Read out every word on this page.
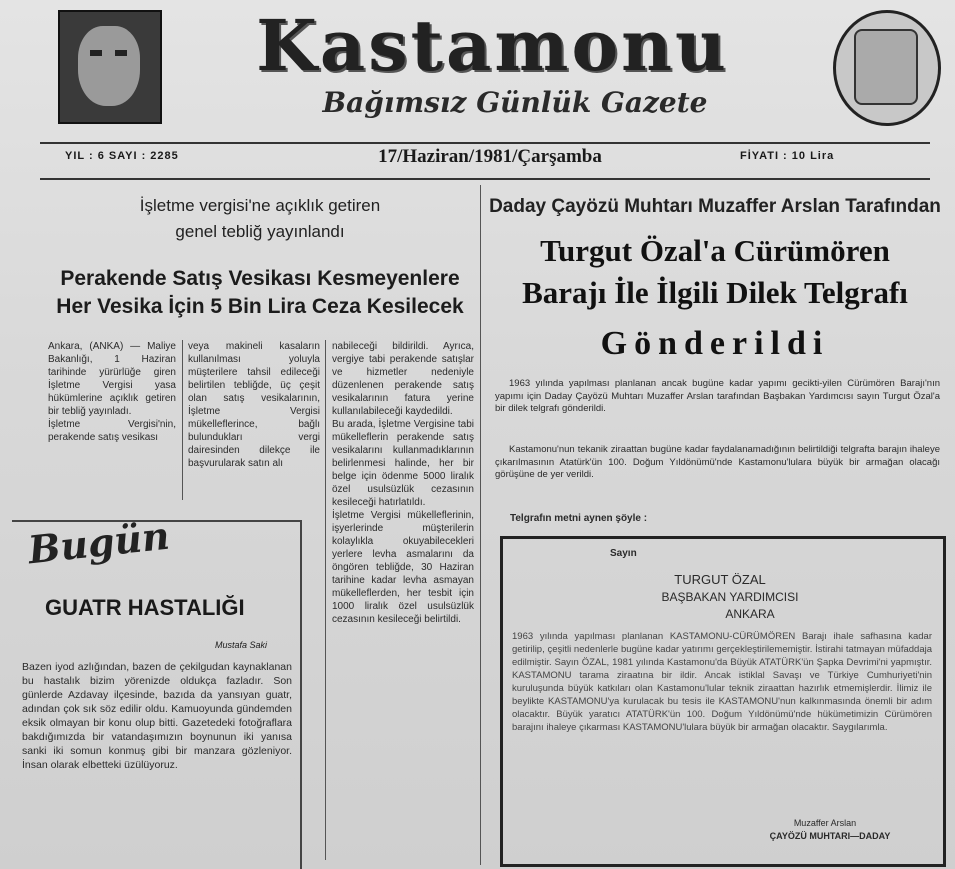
Kastamonu
Bağımsız Günlük Gazete
YIL : 6 SAYI : 2285	17/Haziran/1981/Çarşamba	FİYATI : 10 Lira
İşletme vergisi'ne açıklık getiren
genel tebliğ yayınlandı
Perakende Satış Vesikası Kesmeyenlere
Her Vesika İçin 5 Bin Lira Ceza Kesilecek
Ankara, (ANKA) — Maliye Bakanlığı, 1 Haziran tarihinde yürürlüğe giren İşletme Vergisi yasa hükümlerine açıklık getiren bir tebliğ yayınladı.
İşletme Vergisi'nin, perakende satış vesikası
veya makineli kasaların kullanılması yoluyla müşterilere tahsil edileceği belirtilen tebliğde, üç çeşit olan satış vesikalarının, İşletme Vergisi mükelleflerince, bağlı bulundukları vergi dairesinden dilekçe ile başvurularak satın alı
nabileceği bildirildi. Ayrıca, vergiye tabi perakende satışlar ve hizmetler nedeniyle düzenlenen perakende satış vesikalarının fatura yerine kullanılabileceği kaydedildi.
Bu arada, İşletme Vergisine tabi mükelleflerin perakende satış vesikalarını kullanmadıklarının belirlenmesi halinde, her bir belge için ödenme 5000 liralık özel usulsüzlük cezasının kesileceği hatırlatıldı.
İşletme Vergisi mükelleflerinin, işyerlerinde müşterilerin kolaylıkla okuyabilecekleri yerlere levha asmalarını da öngören tebliğde, 30 Haziran tarihine kadar levha asmayan mükelleflerden, her tesbit için 1000 liralık özel usulsüzlük cezasının kesileceği belirtildi.
Bugün
GUATR HASTALIĞI
Mustafa Saki
Bazen iyod azlığından, bazen de çekilgudan kaynaklanan bu hastalık bizim yörenizde oldukça fazladır. Son günlerde Azdavay ilçesinde, bazıda da yansıyan guatr, adından çok sık söz edilir oldu. Kamuoyunda gündemden eksik olmayan bir konu olup bitti. Gazetedeki fotoğraflara bakdığımızda bir vatandaşımızın boynunun iki yanısa sanki iki somun konmuş gibi bir manzara gözleniyor. İnsan olarak elbetteki üzülüyoruz.
Daday Çayözü Muhtarı Muzaffer Arslan Tarafından
Turgut Özal'a Cürümören
Barajı İle İlgili Dilek Telgrafı
Gönderildi
1963 yılında yapılması planlanan ancak bugüne kadar yapımı gecikti-yilen Cürümören Barajı'nın yapımı için Daday Çayözü Muhtarı Muzaffer Arslan tarafından Başbakan Yardımcısı sayın Turgut Özal'a bir dilek telgrafı gönderildi.
Kastamonu'nun tekanik ziraattan bugüne kadar faydalanamadığının belirtildiği telgrafta barajın ihaleye çıkarılmasının Atatürk'ün 100. Doğum Yıldönümü'nde Kastamonu'lulara büyük bir armağan olacağı görüşüne de yer verildi.
Telgrafın metni aynen şöyle :
Sayın
TURGUT ÖZAL
BAŞBAKAN YARDIMCISI
ANKARA
1963 yılında yapılması planlanan KASTAMONU-CÜRÜMÖREN Barajı ihale safhasına kadar getirilip, çeşitli nedenlerle bugüne kadar yatırımı gerçekleştirilememiştir. İstirahi tatmayan müfaddaja edilmiştir. Sayın ÖZAL, 1981 yılında Kastamonu'da Büyük ATATÜRK'ün Şapka Devrimi'ni yapmıştır. KASTAMONU tarama ziraatına bir ildir. Ancak istiklal Savaşı ve Türkiye Cumhuriyeti'nin kuruluşunda büyük katkıları olan Kastamonu'lular teknik ziraattan hazırlık etmemişlerdir. İlimiz ile beylikte KASTAMONU'ya kurulacak bu tesis ile KASTAMONU'nun kalkınmasında önemli bir adım olacaktır. Büyük yaratıcı ATATÜRK'ün 100. Doğum Yıldönümü'nde hükümetimizin Cürümören barajını ihaleye çıkarması KASTAMONU'lulara büyük bir armağan olacaktır. Saygılarımla.
Muzaffer Arslan
ÇAYÖZÜ MUHTARI—DADAY
